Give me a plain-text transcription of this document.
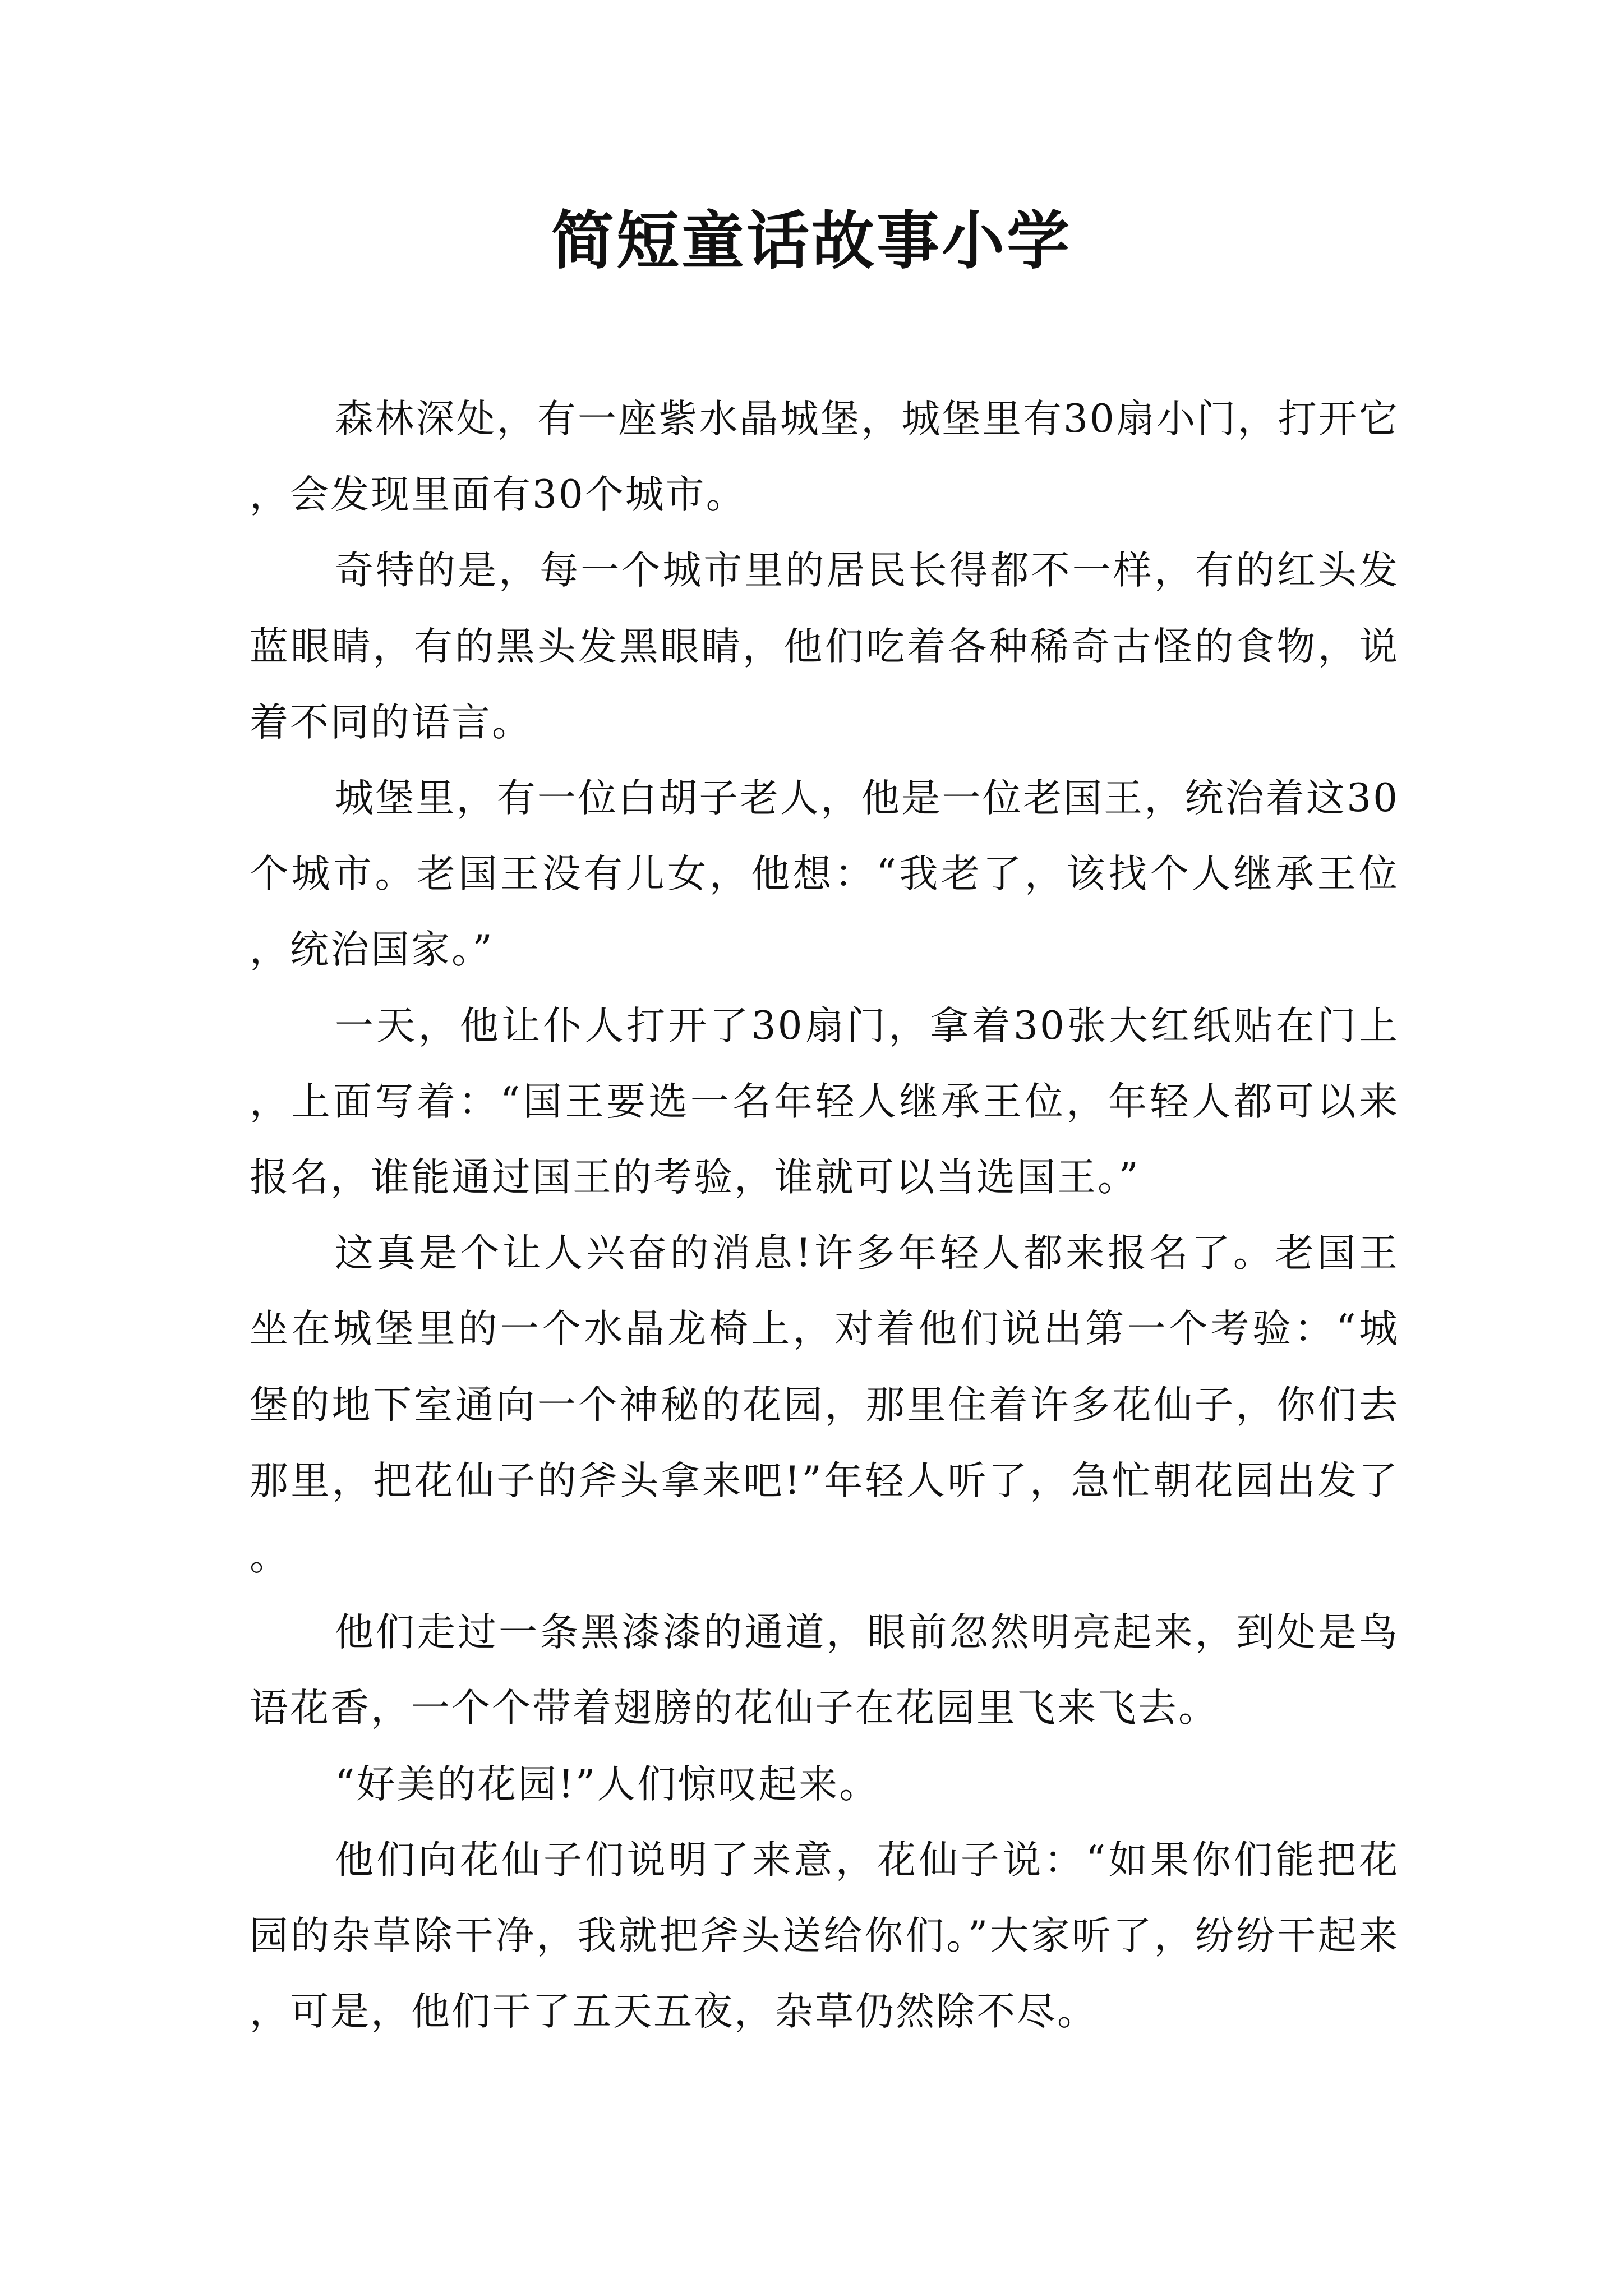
简短童话故事小学

森林深处，有一座紫水晶城堡，城堡里有30扇小门，打开它，会发现里面有30个城市。

奇特的是，每一个城市里的居民长得都不一样，有的红头发蓝眼睛，有的黑头发黑眼睛，他们吃着各种稀奇古怪的食物，说着不同的语言。

城堡里，有一位白胡子老人，他是一位老国王，统治着这30个城市。老国王没有儿女，他想：“我老了，该找个人继承王位，统治国家。”

一天，他让仆人打开了30扇门，拿着30张大红纸贴在门上，上面写着：“国王要选一名年轻人继承王位，年轻人都可以来报名，谁能通过国王的考验，谁就可以当选国王。”

这真是个让人兴奋的消息!许多年轻人都来报名了。老国王坐在城堡里的一个水晶龙椅上，对着他们说出第一个考验：“城堡的地下室通向一个神秘的花园，那里住着许多花仙子，你们去那里，把花仙子的斧头拿来吧!”年轻人听了，急忙朝花园出发了。

他们走过一条黑漆漆的通道，眼前忽然明亮起来，到处是鸟语花香，一个个带着翅膀的花仙子在花园里飞来飞去。

“好美的花园!”人们惊叹起来。

他们向花仙子们说明了来意，花仙子说：“如果你们能把花园的杂草除干净，我就把斧头送给你们。”大家听了，纷纷干起来，可是，他们干了五天五夜，杂草仍然除不尽。
